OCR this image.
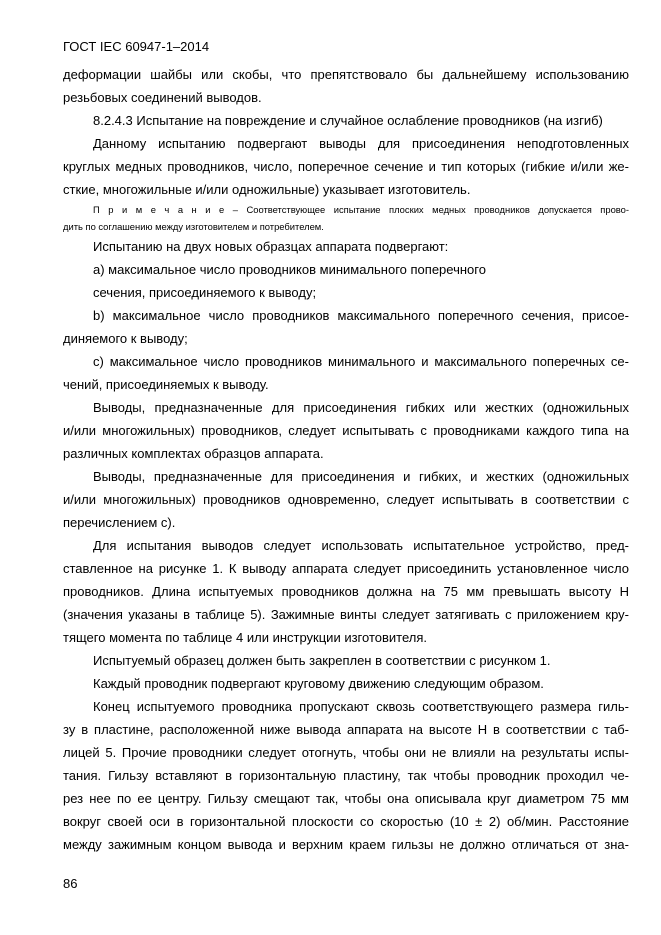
ГОСТ IEC 60947-1–2014
деформации шайбы или скобы, что препятствовало бы дальнейшему использованию
резьбовых соединений выводов.
8.2.4.3 Испытание на повреждение и случайное ослабление проводников (на изгиб)
Данному испытанию подвергают выводы для присоединения неподготовленных
круглых медных проводников, число, поперечное сечение и тип которых (гибкие и/или же-
сткие, многожильные и/или одножильные) указывает изготовитель.
П р и м е ч а н и е – Соответствующее испытание плоских медных проводников допускается прово-
дить по соглашению между изготовителем и потребителем.
Испытанию на двух новых образцах аппарата подвергают:
a) максимальное число проводников минимального поперечного
сечения, присоединяемого к выводу;
b) максимальное число проводников максимального поперечного сечения, присое-
диняемого к выводу;
c) максимальное число проводников минимального и максимального поперечных се-
чений, присоединяемых к выводу.
Выводы, предназначенные для присоединения гибких или жестких (одножильных
и/или многожильных) проводников, следует испытывать с проводниками каждого типа на
различных комплектах образцов аппарата.
Выводы, предназначенные для присоединения и гибких, и жестких (одножильных
и/или многожильных) проводников одновременно, следует испытывать в соответствии с
перечислением c).
Для испытания выводов следует использовать испытательное устройство, пред-
ставленное на рисунке 1. К выводу аппарата следует присоединить установленное число
проводников. Длина испытуемых проводников должна на 75 мм превышать высоту H
(значения указаны в таблице 5). Зажимные винты следует затягивать с приложением кру-
тящего момента по таблице 4 или инструкции изготовителя.
Испытуемый образец должен быть закреплен в соответствии с рисунком 1.
Каждый проводник подвергают круговому движению следующим образом.
Конец испытуемого проводника пропускают сквозь соответствующего размера гиль-
зу в пластине, расположенной ниже вывода аппарата на высоте H в соответствии с таб-
лицей 5. Прочие проводники следует отогнуть, чтобы они не влияли на результаты испы-
тания. Гильзу вставляют в горизонтальную пластину, так чтобы проводник проходил че-
рез нее по ее центру. Гильзу смещают так, чтобы она описывала круг диаметром 75 мм
вокруг своей оси в горизонтальной плоскости со скоростью (10 ± 2) об/мин. Расстояние
между зажимным концом вывода и верхним краем гильзы не должно отличаться от зна-
86
